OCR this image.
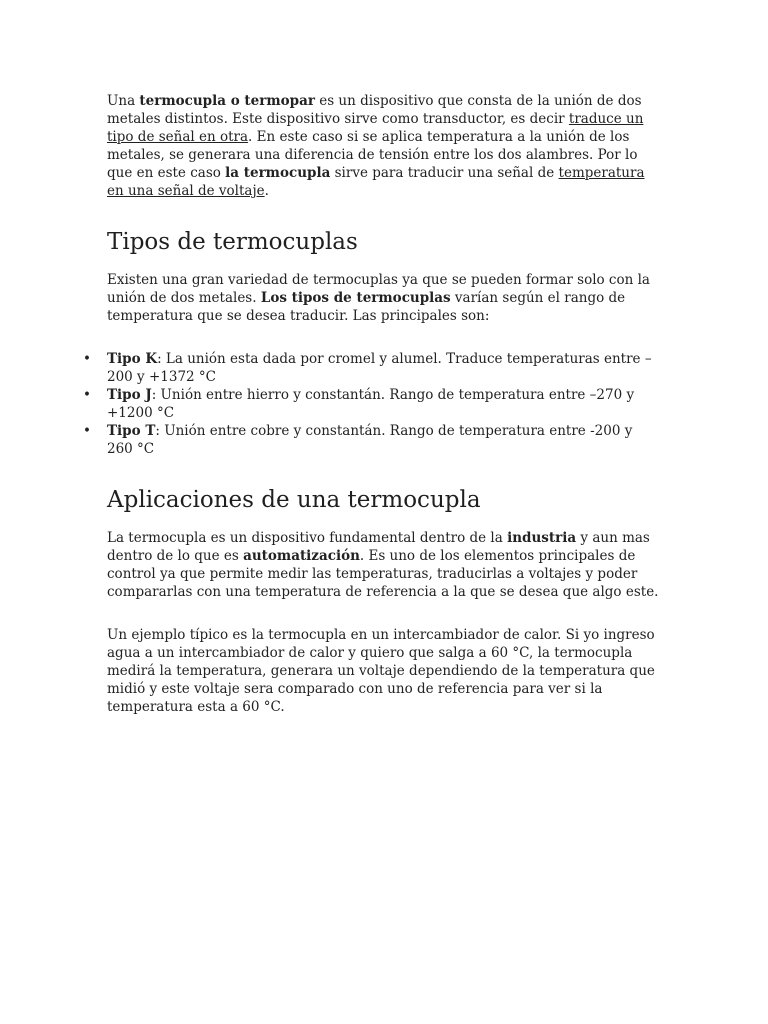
Una termocupla o termopar es un dispositivo que consta de la unión de dos metales distintos. Este dispositivo sirve como transductor, es decir traduce un tipo de señal en otra. En este caso si se aplica temperatura a la unión de los metales, se generara una diferencia de tensión entre los dos alambres. Por lo que en este caso la termocupla sirve para traducir una señal de temperatura en una señal de voltaje.

Tipos de termocuplas

Existen una gran variedad de termocuplas ya que se pueden formar solo con la unión de dos metales. Los tipos de termocuplas varían según el rango de temperatura que se desea traducir. Las principales son:

• Tipo K: La unión esta dada por cromel y alumel. Traduce temperaturas entre –200 y +1372 °C
• Tipo J: Unión entre hierro y constantán. Rango de temperatura entre –270 y +1200 °C
• Tipo T: Unión entre cobre y constantán. Rango de temperatura entre -200 y 260 °C
Aplicaciones de una termocupla

La termocupla es un dispositivo fundamental dentro de la industria y aun mas dentro de lo que es automatización. Es uno de los elementos principales de control ya que permite medir las temperaturas, traducirlas a voltajes y poder compararlas con una temperatura de referencia a la que se desea que algo este.

Un ejemplo típico es la termocupla en un intercambiador de calor. Si yo ingreso agua a un intercambiador de calor y quiero que salga a 60 °C, la termocupla medirá la temperatura, generara un voltaje dependiendo de la temperatura que midió y este voltaje sera comparado con uno de referencia para ver si la temperatura esta a 60 °C.
